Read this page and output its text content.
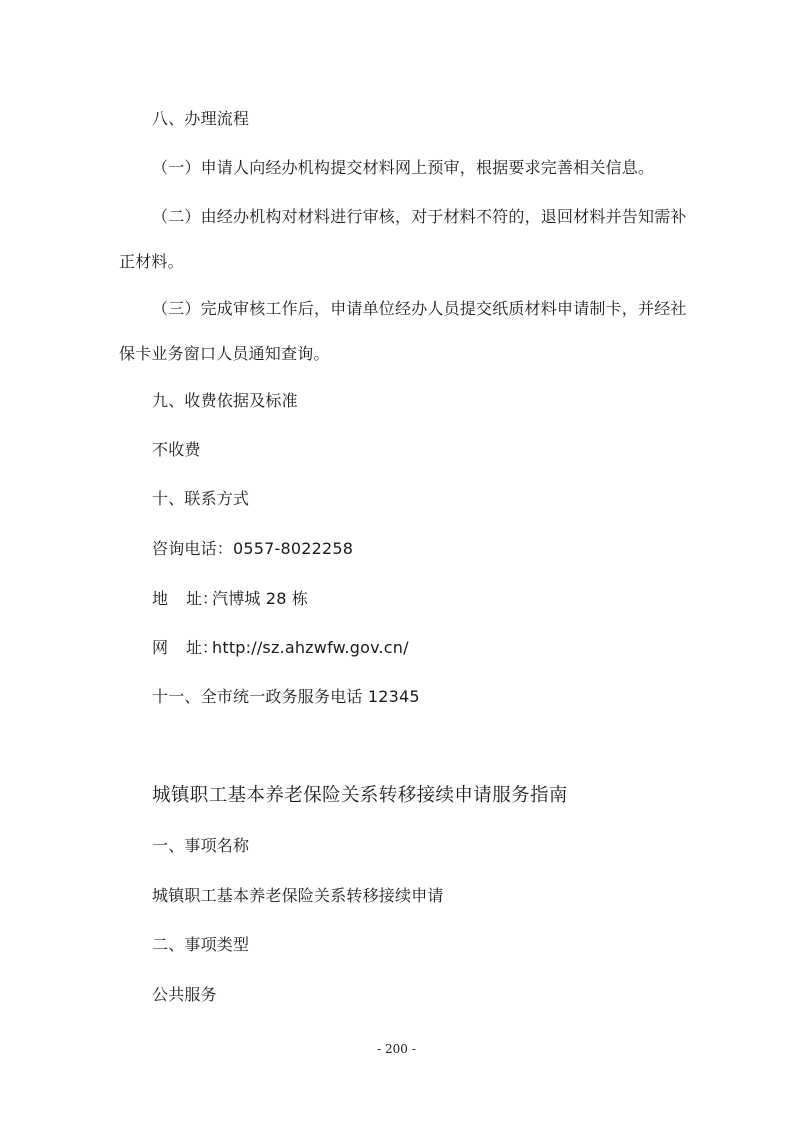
八、办理流程
（一）申请人向经办机构提交材料网上预审，根据要求完善相关信息。
（二）由经办机构对材料进行审核，对于材料不符的，退回材料并告知需补
正材料。
（三）完成审核工作后，申请单位经办人员提交纸质材料申请制卡，并经社
保卡业务窗口人员通知查询。
九、收费依据及标准
不收费
十、联系方式
咨询电话：0557-8022258
地 址：汽博城 28 栋
网 址：http://sz.ahzwfw.gov.cn/
十一、全市统一政务服务电话 12345
城镇职工基本养老保险关系转移接续申请服务指南
一、事项名称
城镇职工基本养老保险关系转移接续申请
二、事项类型
公共服务
- 200 -
